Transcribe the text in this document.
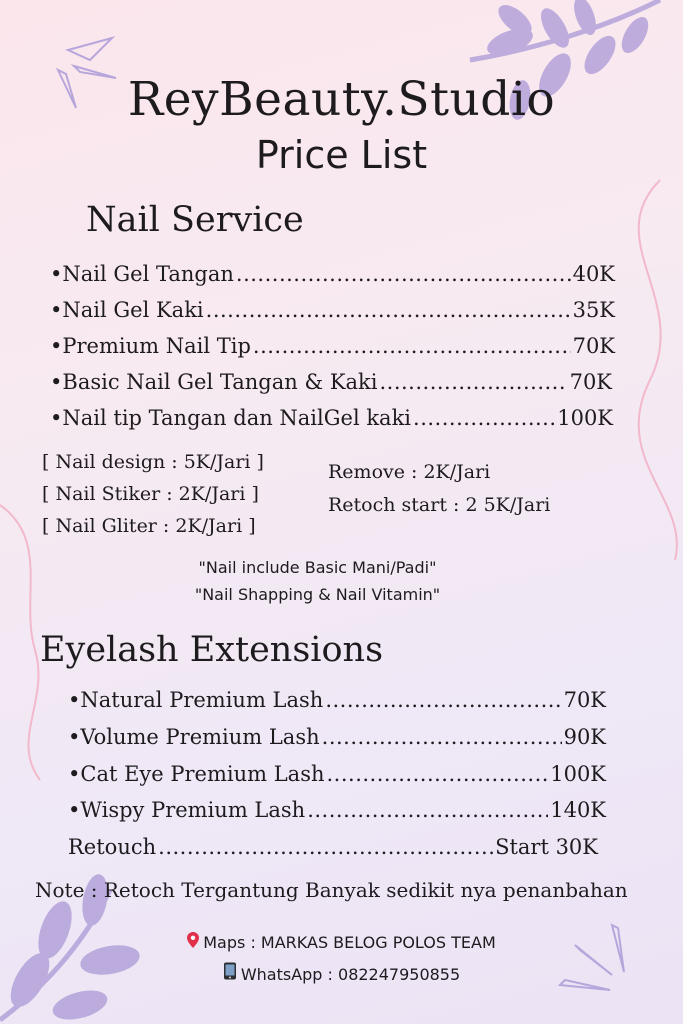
ReyBeauty.Studio
Price List
Nail Service
•Nail Gel Tangan .....	40K
•Nail Gel Kaki .....	35K
•Premium Nail Tip .....	70K
•Basic Nail Gel Tangan & Kaki .....	70K
•Nail tip Tangan dan NailGel kaki .....	100K
[ Nail design : 5K/Jari ]
[ Nail Stiker : 2K/Jari ]
[ Nail Gliter : 2K/Jari ]
Remove : 2K/Jari
Retoch start : 2 5K/Jari
"Nail include Basic Mani/Padi"
"Nail Shapping & Nail Vitamin"
Eyelash Extensions
•Natural Premium Lash .....	70K
•Volume Premium Lash .....	90K
•Cat Eye Premium Lash .....	100K
•Wispy Premium Lash .....	140K
Retouch .....	Start 30K
Note : Retoch Tergantung Banyak sedikit nya penanbahan
Maps : MARKAS BELOG POLOS TEAM
WhatsApp : 082247950855
